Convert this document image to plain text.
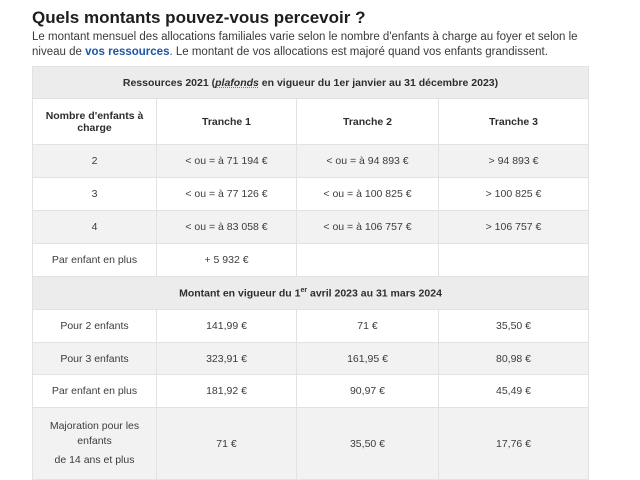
Quels montants pouvez-vous percevoir ?

Le montant mensuel des allocations familiales varie selon le nombre d'enfants à charge au foyer et selon le niveau de vos ressources. Le montant de vos allocations est majoré quand vos enfants grandissent.

Ressources 2021 (plafonds en vigueur du 1er janvier au 31 décembre 2023)			
Nombre d'enfants à charge	Tranche 1	Tranche 2	Tranche 3
2	< ou = à 71 194 €	< ou = à 94 893 €	> 94 893 €
3	< ou = à 77 126 €	< ou = à 100 825 €	> 100 825 €
4	< ou = à 83 058 €	< ou = à 106 757 €	> 106 757 €
Par enfant en plus	+ 5 932 €		
Montant en vigueur du 1er avril 2023 au 31 mars 2024			
Pour 2 enfants	141,99 €	71 €	35,50 €
Pour 3 enfants	323,91 €	161,95 €	80,98 €
Par enfant en plus	181,92 €	90,97 €	45,49 €

Majoration pour les
enfants
de 14 ans et plus	71 €	35,50 €	17,76 €
